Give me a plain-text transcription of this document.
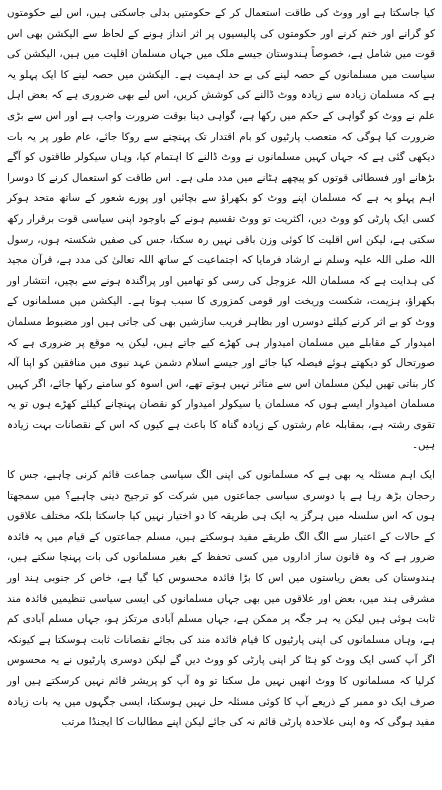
کیا جاسکتا ہے اور ووٹ کی طاقت استعمال کر کے حکومتیں بدلی جاسکتی ہیں، اس لیے حکومتوں کو گرانے اور ختم کرنے اور حکومتوں کی پالیسیوں پر اثر انداز ہونے کے لحاظ سے الیکشن بھی اس قوت میں شامل ہے، خصوصاً ہندوستان جیسے ملک میں جہاں مسلمان اقلیت میں ہیں، الیکشن کی سیاست میں مسلمانوں کے حصہ لینے کی بے حد اہمیت ہے۔ الیکشن میں حصہ لینے کا ایک پہلو یہ ہے کہ مسلمان زیادہ سے زیادہ ووٹ ڈالنے کی کوشش کریں، اس لیے بھی ضروری ہے کہ بعض اہل علم نے ووٹ کو گواہی کے حکم میں رکھا ہے، گواہی دینا بوقت ضرورت واجب ہے اور اس سے بڑی ضرورت کیا ہوگی کہ متعصب پارٹیوں کو بام اقتدار تک پہنچنے سے روکا جائے، عام طور پر یہ بات دیکھی گئی ہے کہ جہاں کہیں مسلمانوں نے ووٹ ڈالنے کا اہتمام کیا، وہاں سیکولر طاقتوں کو آگے بڑھانے اور فسطائی قوتوں کو پیچھے ہٹانے میں مدد ملی ہے۔ اس طاقت کو استعمال کرنے کا دوسرا اہم پہلو یہ ہے کہ مسلمان اپنے ووٹ کو بکھراؤ سے بچائیں اور پورے شعور کے ساتھ متحد ہوکر کسی ایک پارٹی کو ووٹ دیں، اکثریت تو ووٹ تقسیم ہونے کے باوجود اپنی سیاسی قوت برقرار رکھ سکتی ہے، لیکن اس اقلیت کا کوئی وزن باقی نہیں رہ سکتا، جس کی صفیں شکستہ ہوں، رسول اللہ صلی اللہ علیہ وسلم نے ارشاد فرمایا کہ اجتماعیت کے ساتھ اللہ تعالیٰ کی مدد ہے، قرآن مجید کی ہدایت ہے کہ مسلمان اللہ عزوجل کی رسی کو تھامیں اور پراگندہ ہونے سے بچیں، انتشار اور بکھراؤ، ہزیمت، شکست وریخت اور قومی کمزوری کا سبب ہوتا ہے۔ الیکشن میں مسلمانوں کے ووٹ کو بے اثر کرنے کیلئے دوسرں اور بظاہر فریب سازشیں بھی کی جاتی ہیں اور مضبوط مسلمان امیدوار کے مقابلے میں مسلمان امیدوار ہی کھڑے کیے جاتے ہیں، لیکن یہ موقع پر ضروری ہے کہ صورتحال کو دیکھتے ہوئے فیصلہ کیا جائے اور جیسے اسلام دشمن عہد نبوی میں منافقین کو اپنا آلہ کار بناتی تھیں لیکن مسلمان اس سے متاثر نہیں ہوتے تھے، اس اسوہ کو سامنے رکھا جائے، اگر کہیں مسلمان امیدوار ایسے ہوں کہ مسلمان یا سیکولر امیدوار کو نقصان پہنچانے کیلئے کھڑے ہوں تو یہ تقوی رشتہ ہے، بمقابلہ عام رشتوں کے زیادہ گناہ کا باعث ہے کیوں کہ اس کے نقصانات بہت زیادہ ہیں۔

ایک اہم مسئلہ یہ بھی ہے کہ مسلمانوں کی اپنی الگ سیاسی جماعت قائم کرنی چاہیے، جس کا رحجان بڑھ رہا ہے یا دوسری سیاسی جماعتوں میں شرکت کو ترجیح دینی چاہیے؟ میں سمجھتا ہوں کہ اس سلسلہ میں ہرگز یہ ایک ہی طریقہ کا دو اختیار نہیں کیا جاسکتا بلکہ مختلف علاقوں کے حالات کے اعتبار سے الگ الگ طریقے مفید ہوسکتے ہیں، مسلم جماعتوں کے قیام میں یہ فائدہ ضرور ہے کہ وہ قانون ساز اداروں میں کسی تحفظ کے بغیر مسلمانوں کی بات پہنچا سکتے ہیں، ہندوستان کی بعض ریاستوں میں اس کا بڑا فائدہ محسوس کیا گیا ہے، خاص کر جنوبی ہند اور مشرقی ہند میں، بعض اور علاقوں میں بھی جہاں مسلمانوں کی ایسی سیاسی تنظیمیں فائدہ مند ثابت ہوئی ہیں لیکن یہ ہر جگہ پر ممکن ہے، جہاں مسلم آبادی مرتکز ہو، جہاں مسلم آبادی کم ہے، وہاں مسلمانوں کی اپنی پارٹیوں کا قیام فائدہ مند کی بجائے نقصانات ثابت ہوسکتا ہے کیونکہ اگر آپ کسی ایک ووٹ کو ہٹا کر اپنی پارٹی کو ووٹ دیں گے لیکن دوسری پارٹیوں نے یہ محسوس کرلیا کہ مسلمانوں کا ووٹ انھیں نہیں مل سکتا تو وہ آپ کو پریشر قائم نہیں کرسکتے ہیں اور صرف ایک دو ممبر کے ذریعے آپ کا کوئی مسئلہ حل نہیں ہوسکتا، ایسی جگہوں میں یہ بات زیادہ مفید ہوگی کہ وہ اپنی علاحدہ پارٹی قائم نہ کی جائے لیکن اپنے مطالبات کا ایجنڈا مرتب
